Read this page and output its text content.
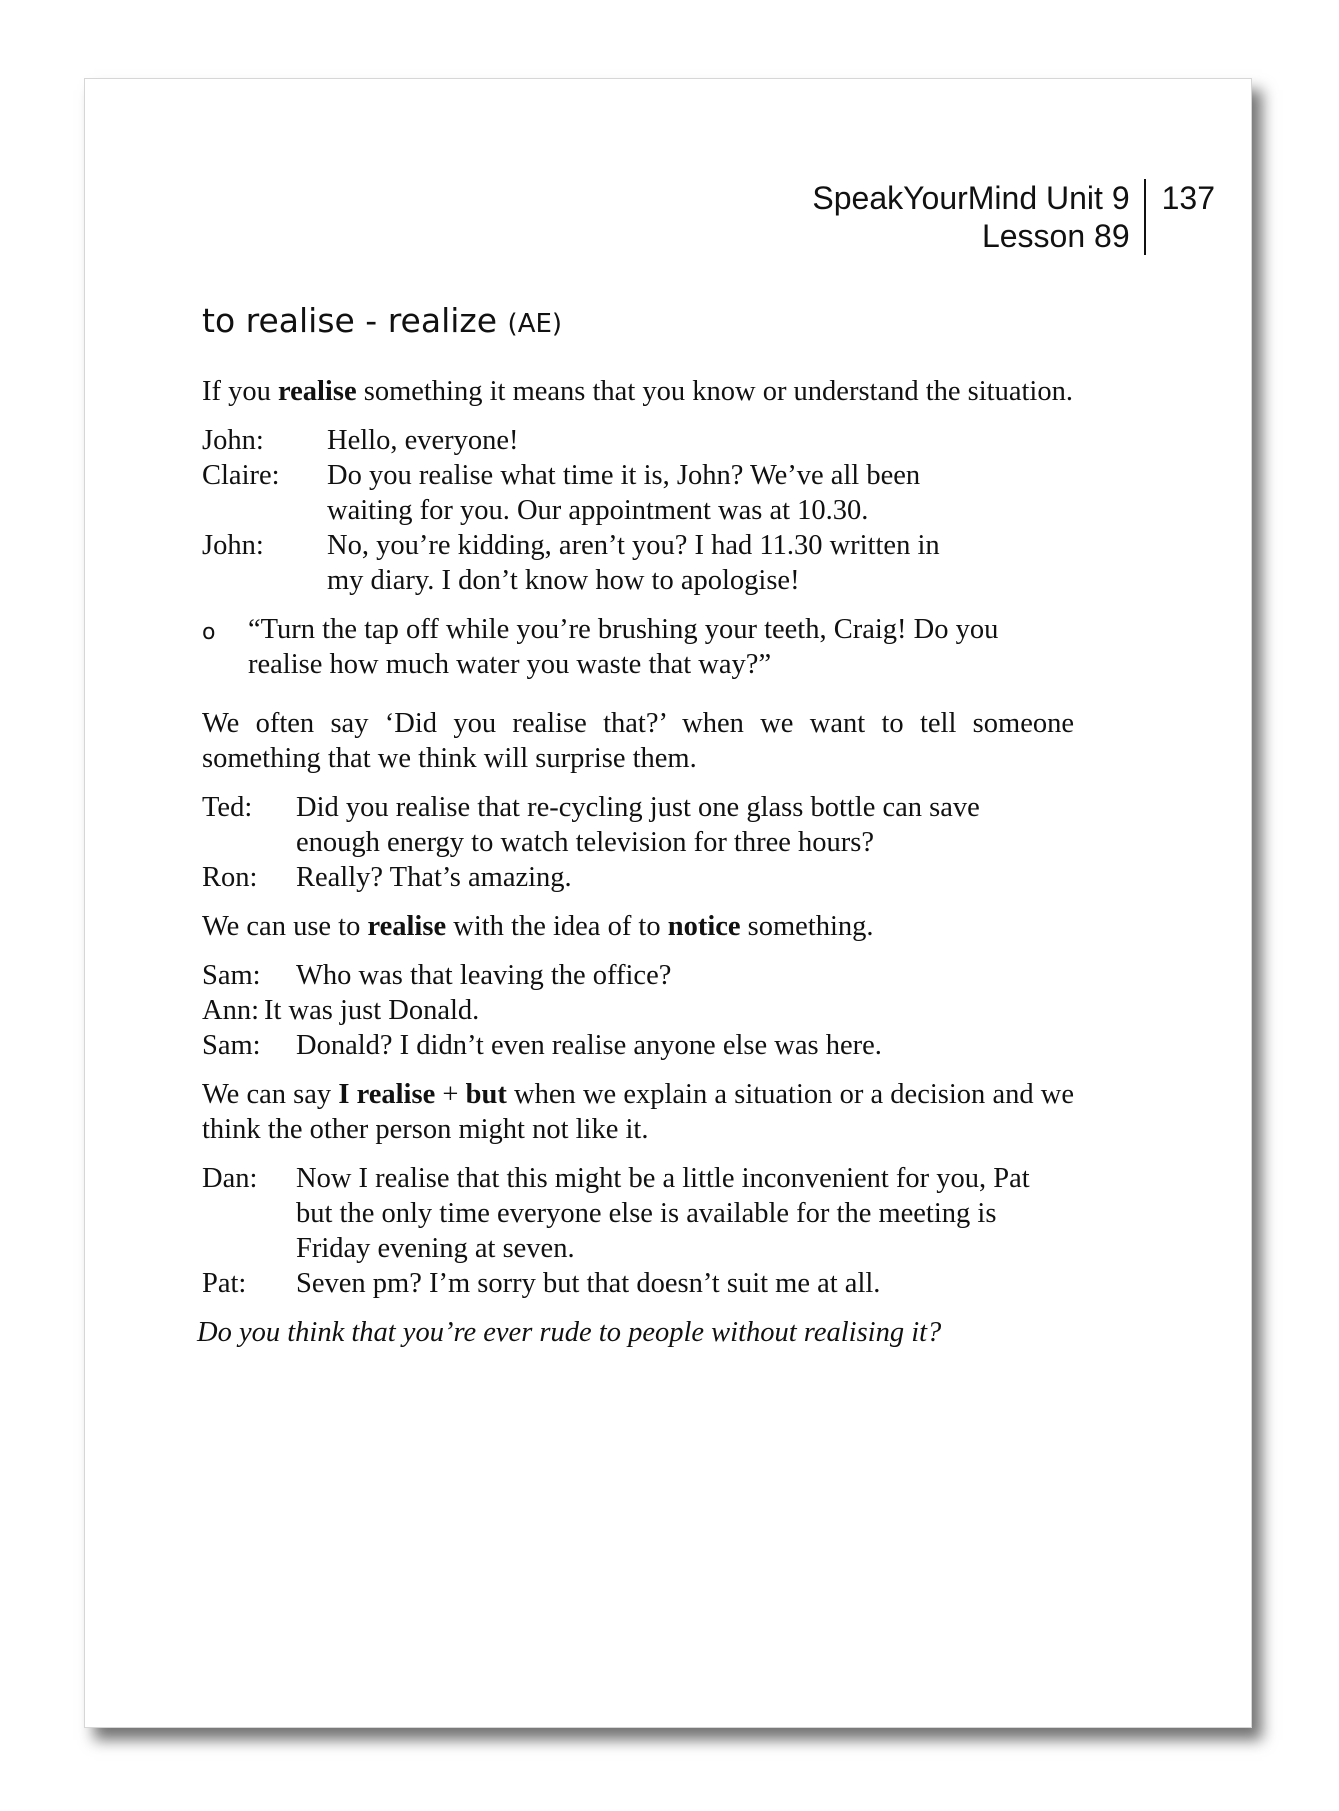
SpeakYourMind Unit 9
Lesson 89
137
to realise - realize (AE)

If you realise something it means that you know or understand the situation.

John:	Hello, everyone!
Claire:	Do you realise what time it is, John? We’ve all been waiting for you. Our appointment was at 10.30.
John:	No, you’re kidding, aren’t you? I had 11.30 written in my diary. I don’t know how to apologise!
o	“Turn the tap off while you’re brushing your teeth, Craig! Do you realise how much water you waste that way?”

We often say ‘Did you realise that?’ when we want to tell someone something that we think will surprise them.

Ted:	Did you realise that re-cycling just one glass bottle can save enough energy to watch television for three hours?
Ron:	Really? That’s amazing.

We can use to realise with the idea of to notice something.

Sam:	Who was that leaving the office?
Ann: It was just Donald.
Sam:	Donald? I didn’t even realise anyone else was here.

We can say I realise + but when we explain a situation or a decision and we think the other person might not like it.

Dan:	Now I realise that this might be a little inconvenient for you, Pat but the only time everyone else is available for the meeting is Friday evening at seven.
Pat:	Seven pm? I’m sorry but that doesn’t suit me at all.
Do you think that you’re ever rude to people without realising it?
